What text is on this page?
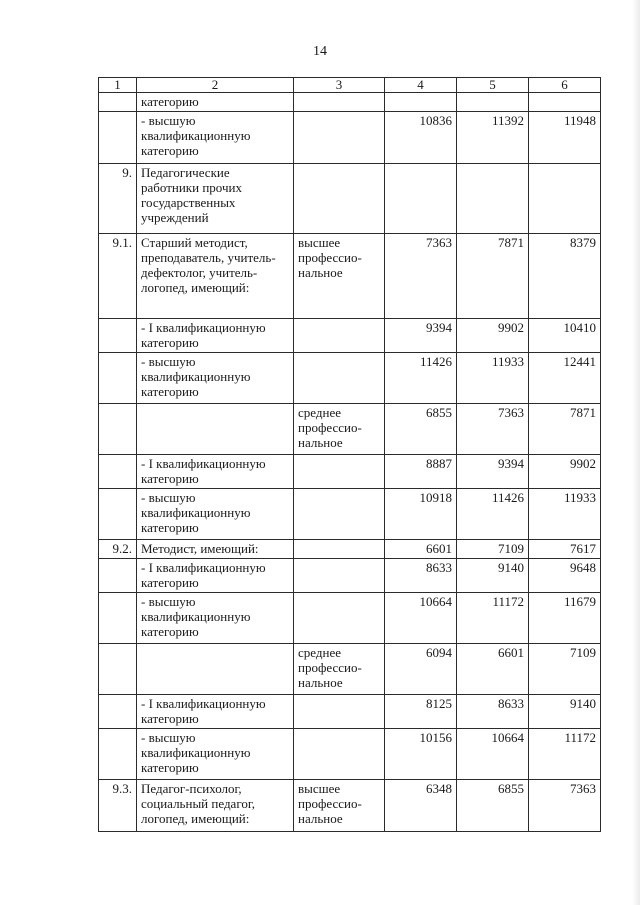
14
1	2	3	4	5	6
	категорию				
	- высшую квалификационную категорию		10836	11392	11948
9.	Педагогические работники прочих государственных учреждений				
9.1.	Старший методист, преподаватель, учитель-дефектолог, учитель-логопед, имеющий:	высшее профессио-нальное	7363	7871	8379
	- I квалификационную категорию		9394	9902	10410
	- высшую квалификационную категорию		11426	11933	12441
		среднее профессио-нальное	6855	7363	7871
	- I квалификационную категорию		8887	9394	9902
	- высшую квалификационную категорию		10918	11426	11933
9.2.	Методист, имеющий:		6601	7109	7617
	- I квалификационную категорию		8633	9140	9648
	- высшую квалификационную категорию		10664	11172	11679
		среднее профессио-нальное	6094	6601	7109
	- I квалификационную категорию		8125	8633	9140
	- высшую квалификационную категорию		10156	10664	11172
9.3.	Педагог-психолог, социальный педагог, логопед, имеющий:	высшее профессио-нальное	6348	6855	7363
